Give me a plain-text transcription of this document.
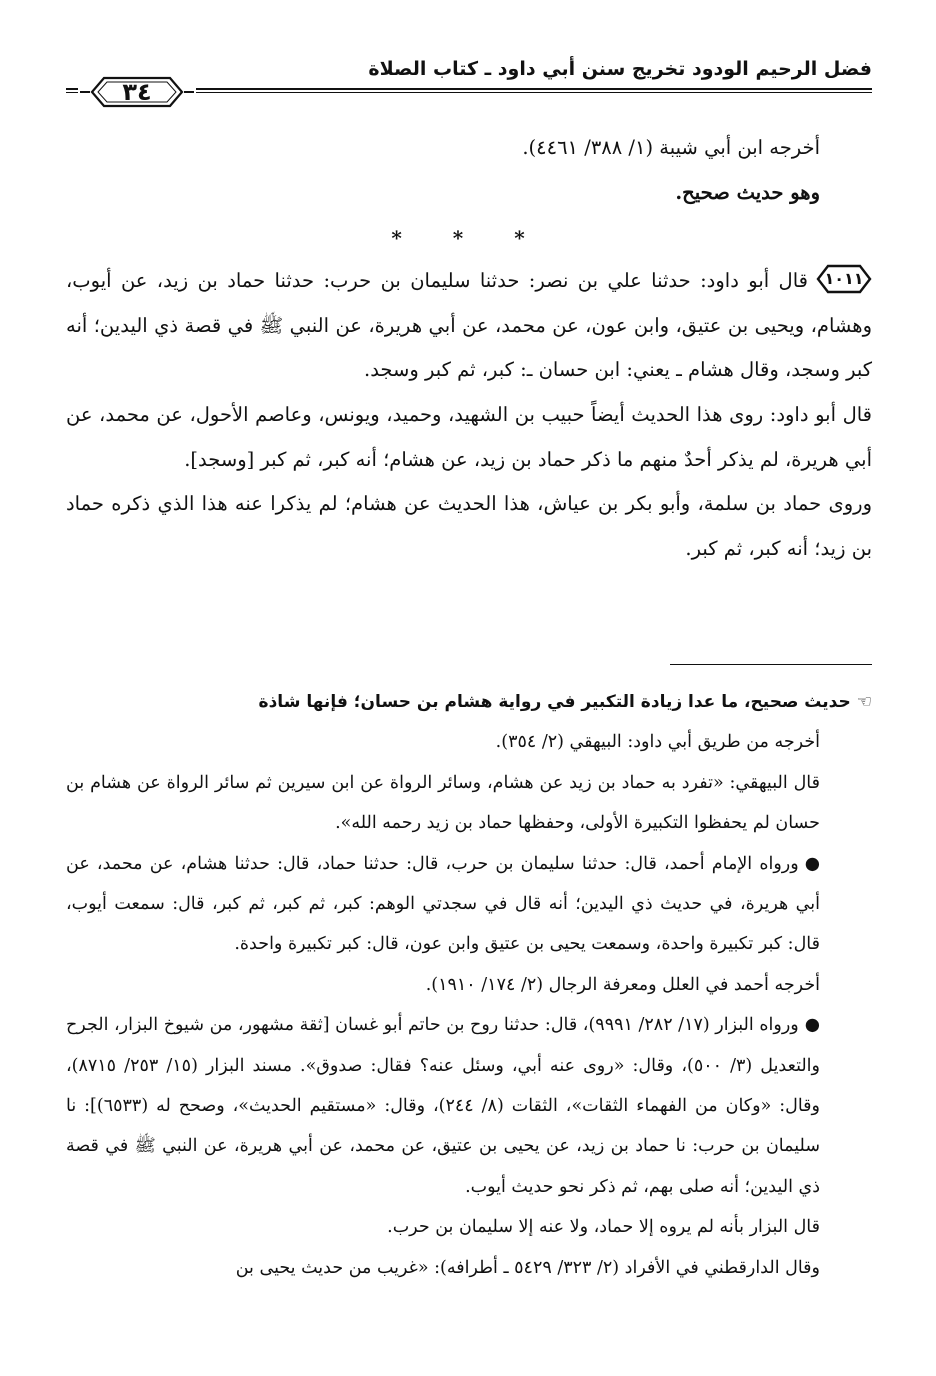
فضل الرحيم الودود تخريج سنن أبي داود ـ كتاب الصلاة
٣٤

أخرجه ابن أبي شيبة (١/ ٣٨٨/ ٤٤٦١).

وهو حديث صحيح.

* * *

١٠١١
قال أبو داود: حدثنا علي بن نصر: حدثنا سليمان بن حرب: حدثنا حماد بن زيد، عن أيوب، وهشام، ويحيى بن عتيق، وابن عون، عن محمد، عن أبي هريرة، عن النبي ﷺ في قصة ذي اليدين؛ أنه كبر وسجد، وقال هشام ـ يعني: ابن حسان ـ: كبر، ثم كبر وسجد.

قال أبو داود: روى هذا الحديث أيضاً حبيب بن الشهيد، وحميد، ويونس، وعاصم الأحول، عن محمد، عن أبي هريرة، لم يذكر أحدٌ منهم ما ذكر حماد بن زيد، عن هشام؛ أنه كبر، ثم كبر [وسجد].

وروى حماد بن سلمة، وأبو بكر بن عياش، هذا الحديث عن هشام؛ لم يذكرا عنه هذا الذي ذكره حماد بن زيد؛ أنه كبر، ثم كبر.

☜حديث صحيح، ما عدا زيادة التكبير في رواية هشام بن حسان؛ فإنها شاذة

أخرجه من طريق أبي داود: البيهقي (٢/ ٣٥٤).

قال البيهقي: «تفرد به حماد بن زيد عن هشام، وسائر الرواة عن ابن سيرين ثم سائر الرواة عن هشام بن حسان لم يحفظوا التكبيرة الأولى، وحفظها حماد بن زيد رحمه الله».

●ورواه الإمام أحمد، قال: حدثنا سليمان بن حرب، قال: حدثنا حماد، قال: حدثنا هشام، عن محمد، عن أبي هريرة، في حديث ذي اليدين؛ أنه قال في سجدتي الوهم: كبر، ثم كبر، ثم كبر، قال: سمعت أيوب، قال: كبر تكبيرة واحدة، وسمعت يحيى بن عتيق وابن عون، قال: كبر تكبيرة واحدة.

أخرجه أحمد في العلل ومعرفة الرجال (٢/ ١٧٤/ ١٩١٠).

●ورواه البزار (١٧/ ٢٨٢/ ٩٩٩١)، قال: حدثنا روح بن حاتم أبو غسان [ثقة مشهور، من شيوخ البزار، الجرح والتعديل (٣/ ٥٠٠)، وقال: «روى عنه أبي، وسئل عنه؟ فقال: صدوق». مسند البزار (١٥/ ٢٥٣/ ٨٧١٥)، وقال: «وكان من الفهماء الثقات»، الثقات (٨/ ٢٤٤)، وقال: «مستقيم الحديث»، وصحح له (٦٥٣٣)]: نا سليمان بن حرب: نا حماد بن زيد، عن يحيى بن عتيق، عن محمد، عن أبي هريرة، عن النبي ﷺ في قصة ذي اليدين؛ أنه صلى بهم، ثم ذكر نحو حديث أيوب.

قال البزار بأنه لم يروه إلا حماد، ولا عنه إلا سليمان بن حرب.

وقال الدارقطني في الأفراد (٢/ ٣٢٣/ ٥٤٢٩ ـ أطرافه): «غريب من حديث يحيى بن
